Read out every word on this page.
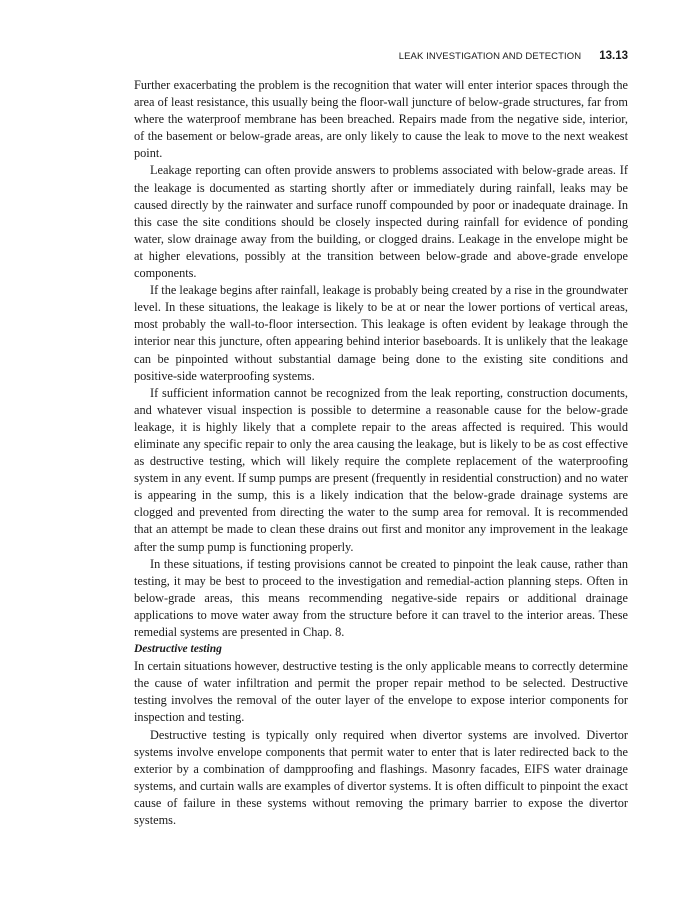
LEAK INVESTIGATION AND DETECTION 13.13

Further exacerbating the problem is the recognition that water will enter interior spaces through the area of least resistance, this usually being the floor-wall juncture of below-grade structures, far from where the waterproof membrane has been breached. Repairs made from the negative side, interior, of the basement or below-grade areas, are only likely to cause the leak to move to the next weakest point.

Leakage reporting can often provide answers to problems associated with below-grade areas. If the leakage is documented as starting shortly after or immediately during rainfall, leaks may be caused directly by the rainwater and surface runoff compounded by poor or inadequate drainage. In this case the site conditions should be closely inspected during rainfall for evidence of ponding water, slow drainage away from the building, or clogged drains. Leakage in the envelope might be at higher elevations, possibly at the transition between below-grade and above-grade envelope components.

If the leakage begins after rainfall, leakage is probably being created by a rise in the groundwater level. In these situations, the leakage is likely to be at or near the lower portions of vertical areas, most probably the wall-to-floor intersection. This leakage is often evident by leakage through the interior near this juncture, often appearing behind interior baseboards. It is unlikely that the leakage can be pinpointed without substantial damage being done to the existing site conditions and positive-side waterproofing systems.

If sufficient information cannot be recognized from the leak reporting, construction documents, and whatever visual inspection is possible to determine a reasonable cause for the below-grade leakage, it is highly likely that a complete repair to the areas affected is required. This would eliminate any specific repair to only the area causing the leakage, but is likely to be as cost effective as destructive testing, which will likely require the complete replacement of the waterproofing system in any event. If sump pumps are present (frequently in residential construction) and no water is appearing in the sump, this is a likely indication that the below-grade drainage systems are clogged and prevented from directing the water to the sump area for removal. It is recommended that an attempt be made to clean these drains out first and monitor any improvement in the leakage after the sump pump is functioning properly.

In these situations, if testing provisions cannot be created to pinpoint the leak cause, rather than testing, it may be best to proceed to the investigation and remedial-action planning steps. Often in below-grade areas, this means recommending negative-side repairs or additional drainage applications to move water away from the structure before it can travel to the interior areas. These remedial systems are presented in Chap. 8.

Destructive testing

In certain situations however, destructive testing is the only applicable means to correctly determine the cause of water infiltration and permit the proper repair method to be selected. Destructive testing involves the removal of the outer layer of the envelope to expose interior components for inspection and testing.

Destructive testing is typically only required when divertor systems are involved. Divertor systems involve envelope components that permit water to enter that is later redirected back to the exterior by a combination of dampproofing and flashings. Masonry facades, EIFS water drainage systems, and curtain walls are examples of divertor systems. It is often difficult to pinpoint the exact cause of failure in these systems without removing the primary barrier to expose the divertor systems.
